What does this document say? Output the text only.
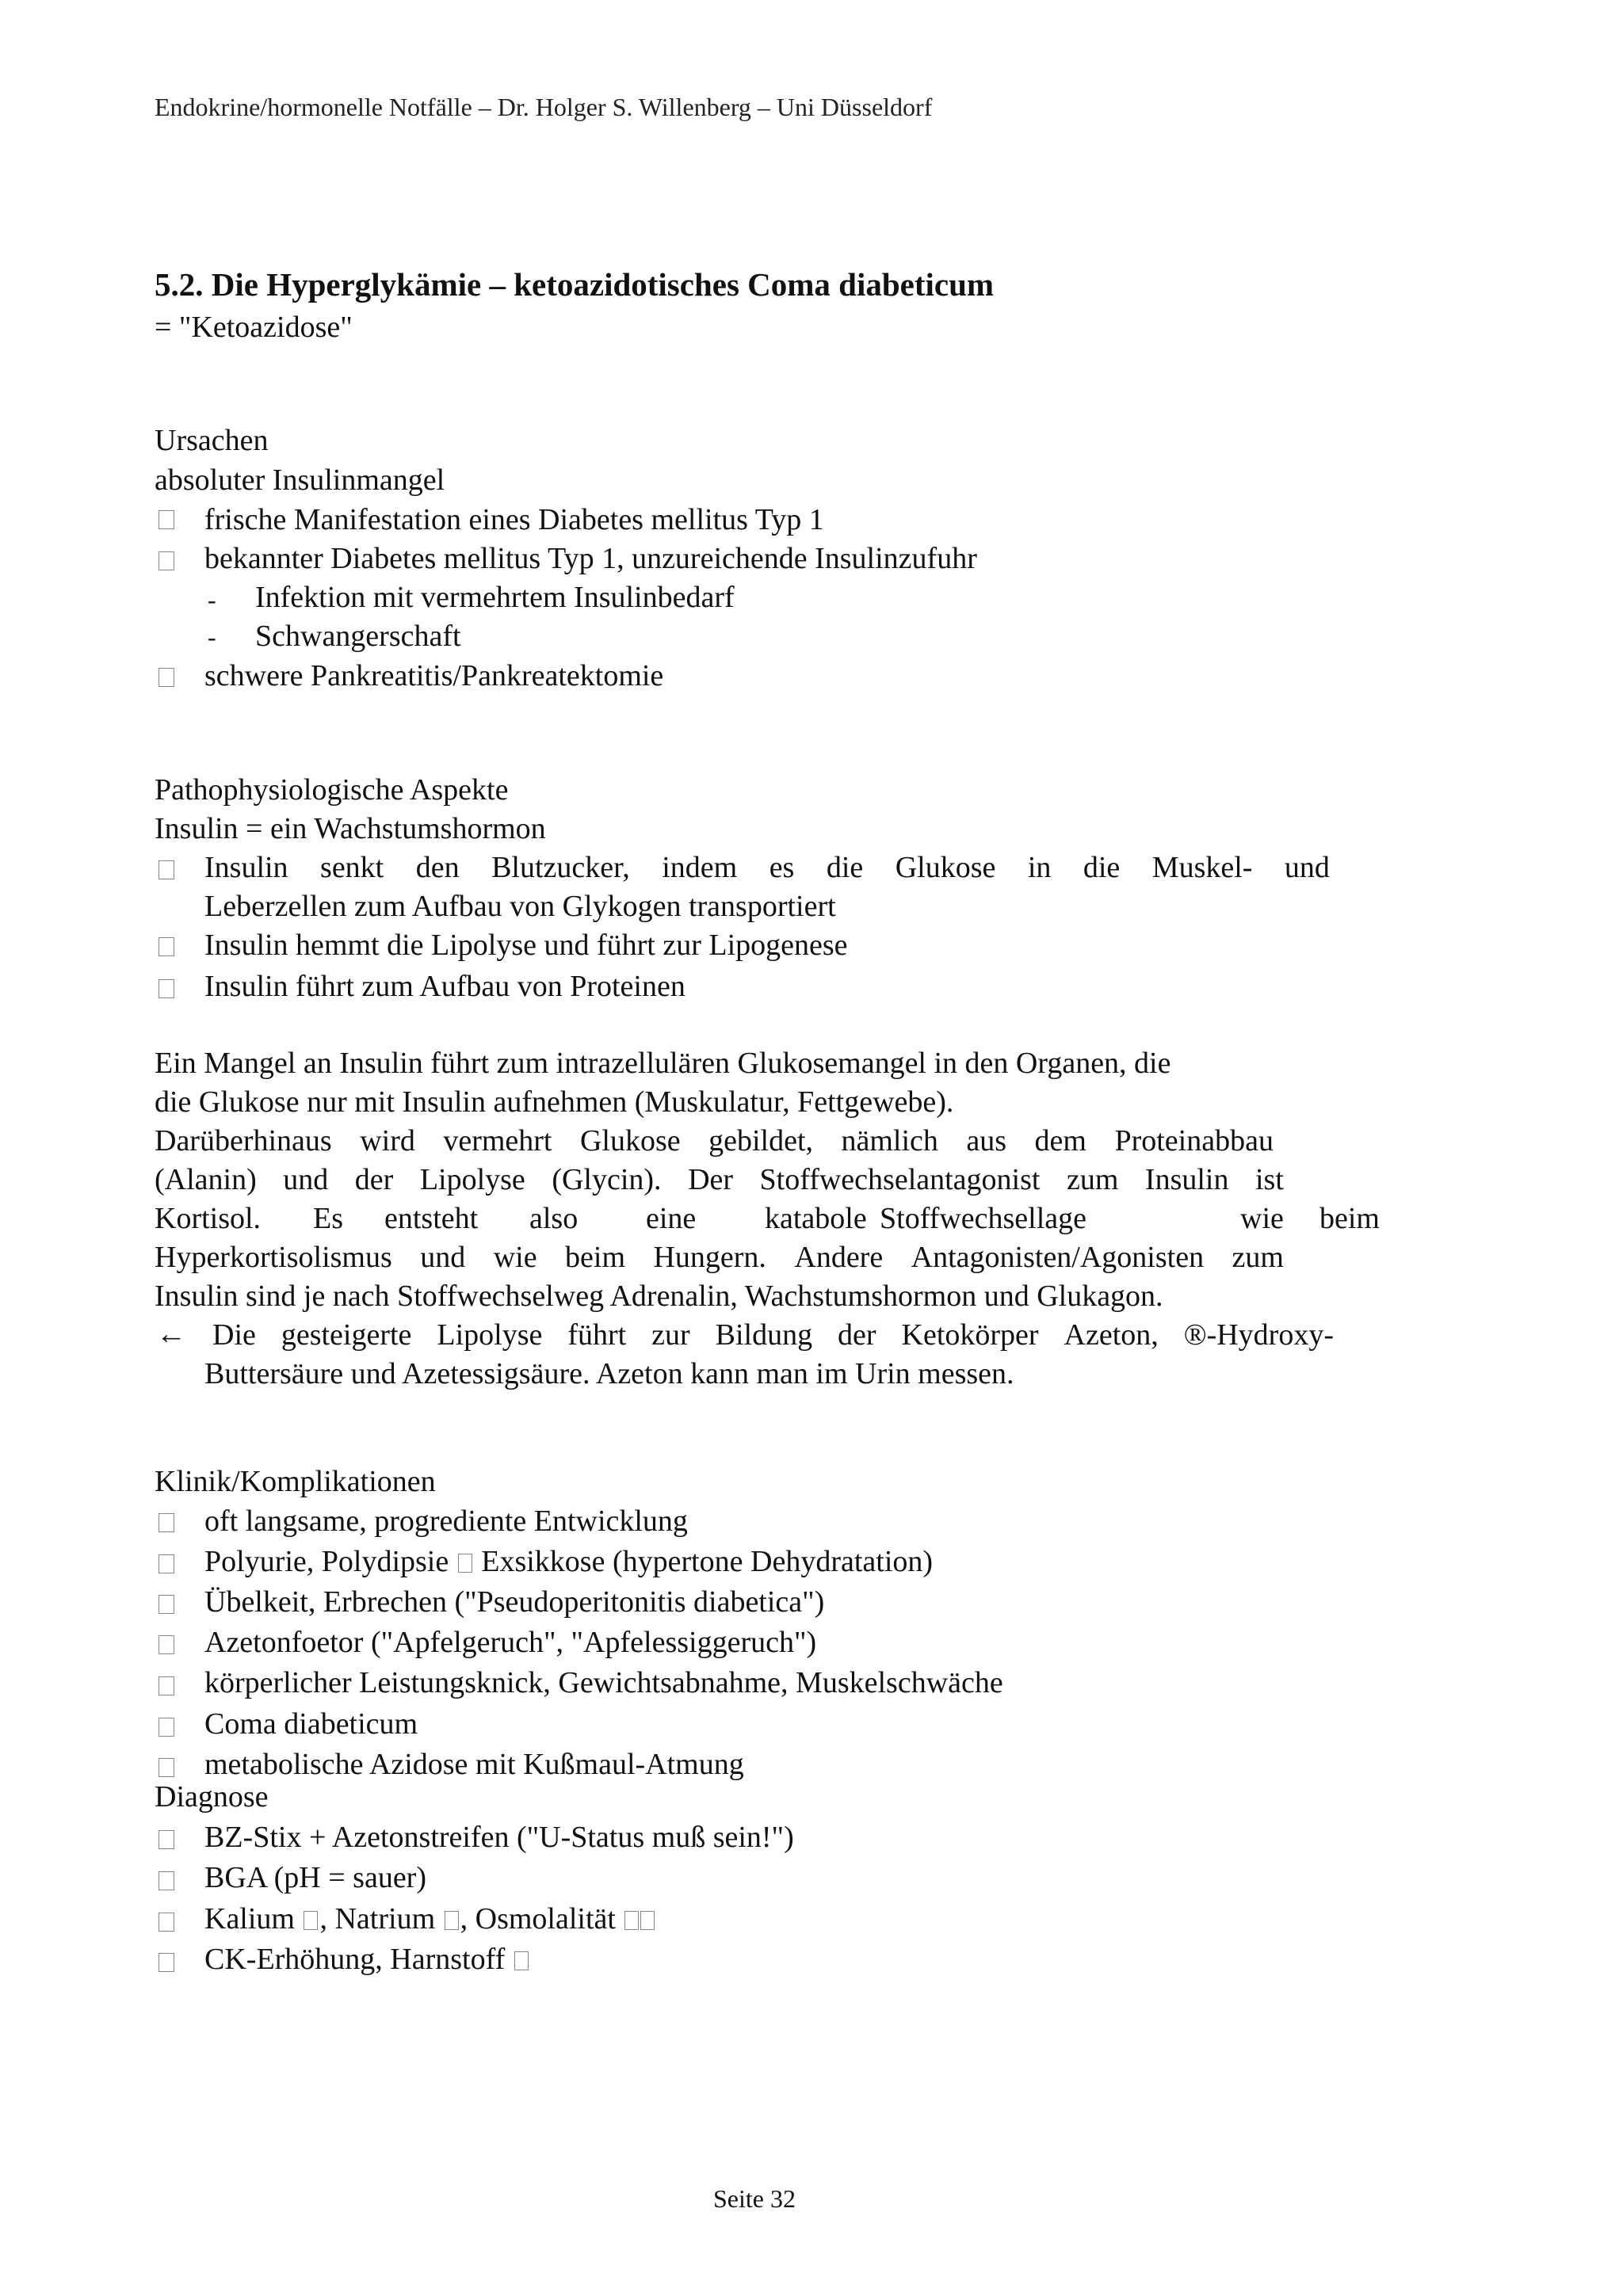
Endokrine/hormonelle Notfälle – Dr. Holger S. Willenberg – Uni Düsseldorf
5.2. Die Hyperglykämie – ketoazidotisches Coma diabeticum
= "Ketoazidose"
Ursachen
absoluter Insulinmangel
frische Manifestation eines Diabetes mellitus Typ 1
bekannter Diabetes mellitus Typ 1, unzureichende Insulinzufuhr
- Infektion mit vermehrtem Insulinbedarf
- Schwangerschaft
schwere Pankreatitis/Pankreatektomie
Pathophysiologische Aspekte
Insulin = ein Wachstumshormon
Insulin senkt den Blutzucker, indem es die Glukose in die Muskel- und
Leberzellen zum Aufbau von Glykogen transportiert
Insulin hemmt die Lipolyse und führt zur Lipogenese
Insulin führt zum Aufbau von Proteinen
Ein Mangel an Insulin führt zum intrazellulären Glukosemangel in den Organen, die
die Glukose nur mit Insulin aufnehmen (Muskulatur, Fettgewebe).
Darüberhinaus wird vermehrt Glukose gebildet, nämlich aus dem Proteinabbau
(Alanin) und der Lipolyse (Glycin). Der Stoffwechselantagonist zum Insulin ist
Kortisol. Es entsteht also eine katabole Stoffwechsellage	wie beim
Hyperkortisolismus und wie beim Hungern. Andere Antagonisten/Agonisten zum
Insulin sind je nach Stoffwechselweg Adrenalin, Wachstumshormon und Glukagon.
← Die gesteigerte Lipolyse führt zur Bildung der Ketokörper Azeton, ®-Hydroxy-
Buttersäure und Azetessigsäure. Azeton kann man im Urin messen.
Klinik/Komplikationen
oft langsame, progrediente Entwicklung
Polyurie, Polydipsie Exsikkose (hypertone Dehydratation)
Übelkeit, Erbrechen ("Pseudoperitonitis diabetica")
Azetonfoetor ("Apfelgeruch", "Apfelessiggeruch")
körperlicher Leistungsknick, Gewichtsabnahme, Muskelschwäche
Coma diabeticum
metabolische Azidose mit Kußmaul-Atmung
Diagnose
BZ-Stix + Azetonstreifen ("U-Status muß sein!")
BGA (pH = sauer)
Kalium , Natrium , Osmolalität
CK-Erhöhung, Harnstoff
Seite 32
